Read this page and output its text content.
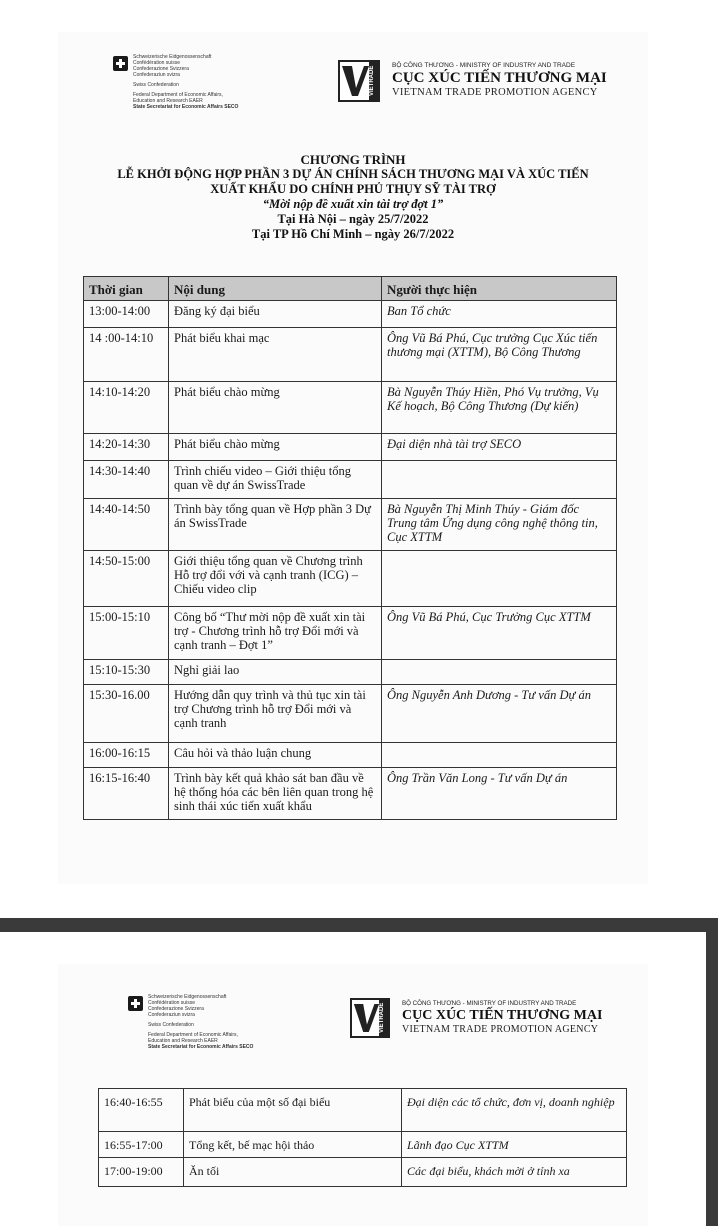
Schweizerische Eidgenossenschaft
Confédération suisse
Confederazione Svizzera
Confederaziun svizra
Swiss Confederation
Federal Department of Economic Affairs,
Education and Research EAER
State Secretariat for Economic Affairs SECO
VIETRADE
BỘ CÔNG THƯƠNG - MINISTRY OF INDUSTRY AND TRADE
CỤC XÚC TIẾN THƯƠNG MẠI
VIETNAM TRADE PROMOTION AGENCY
CHƯƠNG TRÌNH
LỄ KHỞI ĐỘNG HỢP PHẦN 3 DỰ ÁN CHÍNH SÁCH THƯƠNG MẠI VÀ XÚC TIẾN
XUẤT KHẨU DO CHÍNH PHỦ THỤY SỸ TÀI TRỢ
“Mời nộp đề xuất xin tài trợ đợt 1”
Tại Hà Nội – ngày 25/7/2022
Tại TP Hồ Chí Minh – ngày 26/7/2022
Thời gian	Nội dung	Người thực hiện
13:00-14:00	Đăng ký đại biểu	Ban Tổ chức
14 :00-14:10	Phát biểu khai mạc	Ông Vũ Bá Phú, Cục trưởng Cục Xúc tiến thương mại (XTTM), Bộ Công Thương
14:10-14:20	Phát biểu chào mừng	Bà Nguyễn Thúy Hiền, Phó Vụ trưởng, Vụ Kế hoạch, Bộ Công Thương (Dự kiến)
14:20-14:30	Phát biểu chào mừng	Đại diện nhà tài trợ SECO
14:30-14:40	Trình chiếu video – Giới thiệu tổng quan về dự án SwissTrade	
14:40-14:50	Trình bày tổng quan về Hợp phần 3 Dự án SwissTrade	Bà Nguyễn Thị Minh Thúy - Giám đốc Trung tâm Ứng dụng công nghệ thông tin, Cục XTTM
14:50-15:00	Giới thiệu tổng quan về Chương trình Hỗ trợ đổi với và cạnh tranh (ICG) – Chiếu video clip	
15:00-15:10	Công bố “Thư mời nộp đề xuất xin tài trợ - Chương trình hỗ trợ Đổi mới và cạnh tranh – Đợt 1”	Ông Vũ Bá Phú, Cục Trưởng Cục XTTM
15:10-15:30	Nghỉ giải lao	
15:30-16.00	Hướng dẫn quy trình và thủ tục xin tài trợ Chương trình hỗ trợ Đổi mới và cạnh tranh	Ông Nguyễn Anh Dương - Tư vấn Dự án
16:00-16:15	Câu hỏi và thảo luận chung	
16:15-16:40	Trình bày kết quả khảo sát ban đầu về hệ thống hóa các bên liên quan trong hệ sinh thái xúc tiến xuất khẩu	Ông Trần Văn Long - Tư vấn Dự án
Schweizerische Eidgenossenschaft
Confédération suisse
Confederazione Svizzera
Confederaziun svizra
Swiss Confederation
Federal Department of Economic Affairs,
Education and Research EAER
State Secretariat for Economic Affairs SECO
VIETRADE	BỘ CÔNG THƯƠNG - MINISTRY OF INDUSTRY AND TRADE
CỤC XÚC TIẾN THƯƠNG MẠI
VIETNAM TRADE PROMOTION AGENCY
16:40-16:55	Phát biểu của một số đại biểu	Đại diện các tổ chức, đơn vị, doanh nghiệp
16:55-17:00	Tổng kết, bế mạc hội thảo	Lãnh đạo Cục XTTM
17:00-19:00	Ăn tối	Các đại biểu, khách mời ở tỉnh xa
